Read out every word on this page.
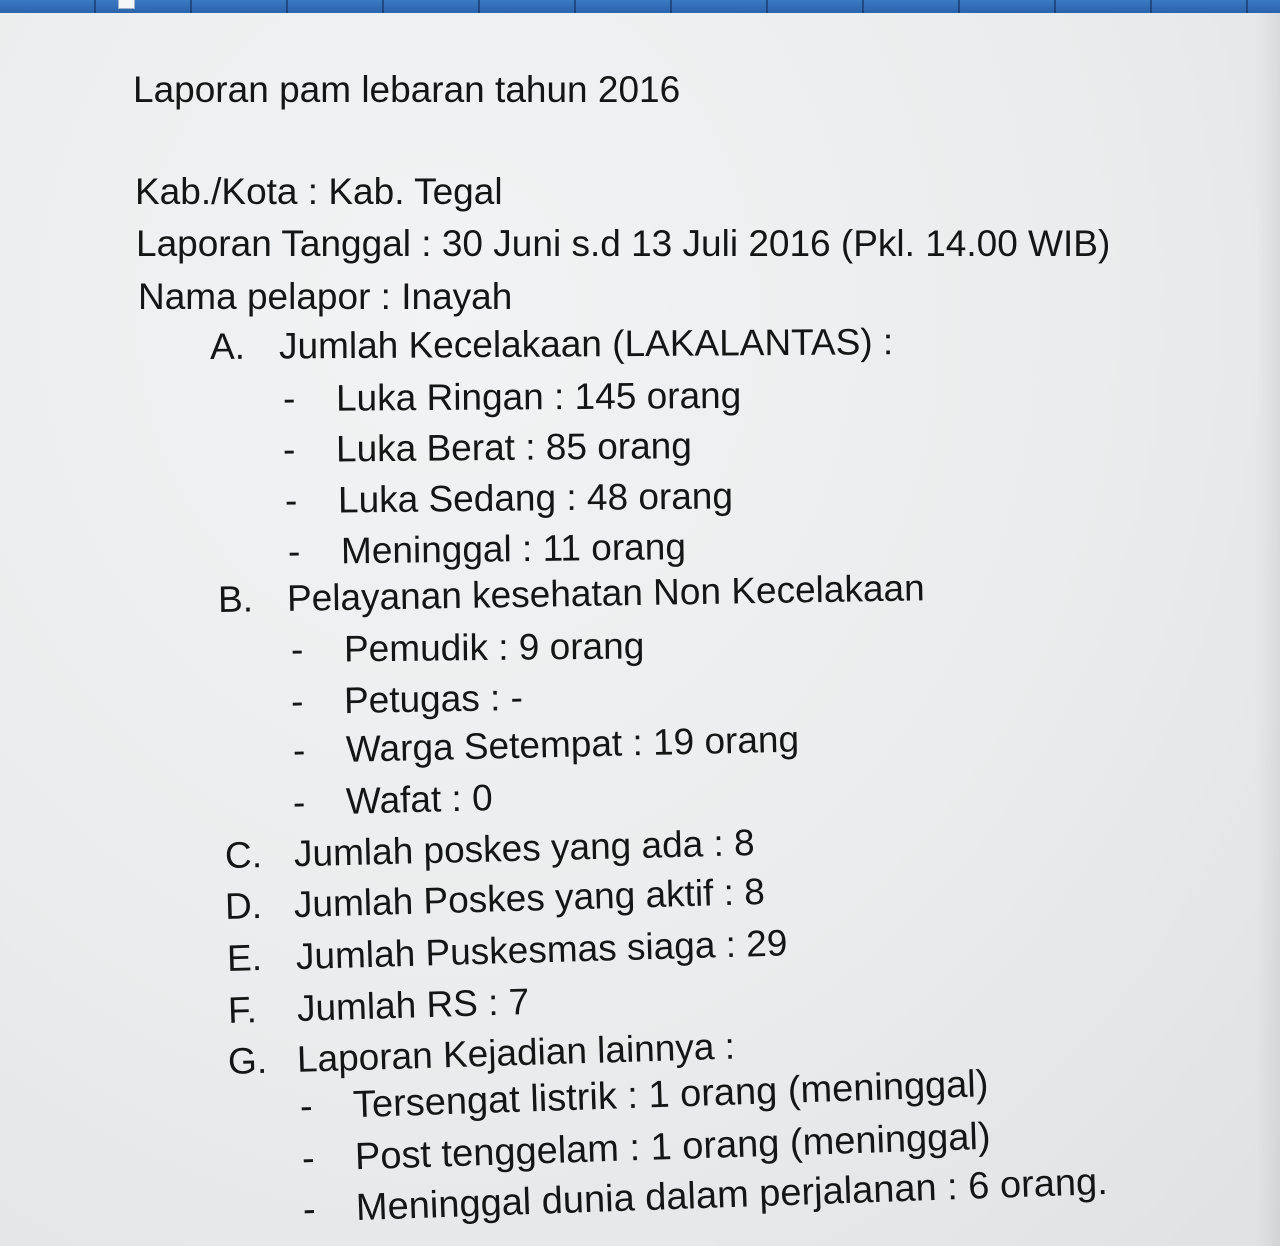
Laporan pam lebaran tahun 2016
Kab./Kota : Kab. Tegal
Laporan Tanggal : 30 Juni s.d 13 Juli 2016 (Pkl. 14.00 WIB)
Nama pelapor : Inayah
A. Jumlah Kecelakaan (LAKALANTAS) :
- Luka Ringan : 145 orang
- Luka Berat : 85 orang
- Luka Sedang : 48 orang
- Meninggal : 11 orang
B. Pelayanan kesehatan Non Kecelakaan
- Pemudik : 9 orang
- Petugas : -
- Warga Setempat : 19 orang
- Wafat : 0
C. Jumlah poskes yang ada : 8
D. Jumlah Poskes yang aktif : 8
E. Jumlah Puskesmas siaga : 29
F. Jumlah RS : 7
G. Laporan Kejadian lainnya :
- Tersengat listrik : 1 orang (meninggal)
- Post tenggelam : 1 orang (meninggal)
- Meninggal dunia dalam perjalanan : 6 orang.
